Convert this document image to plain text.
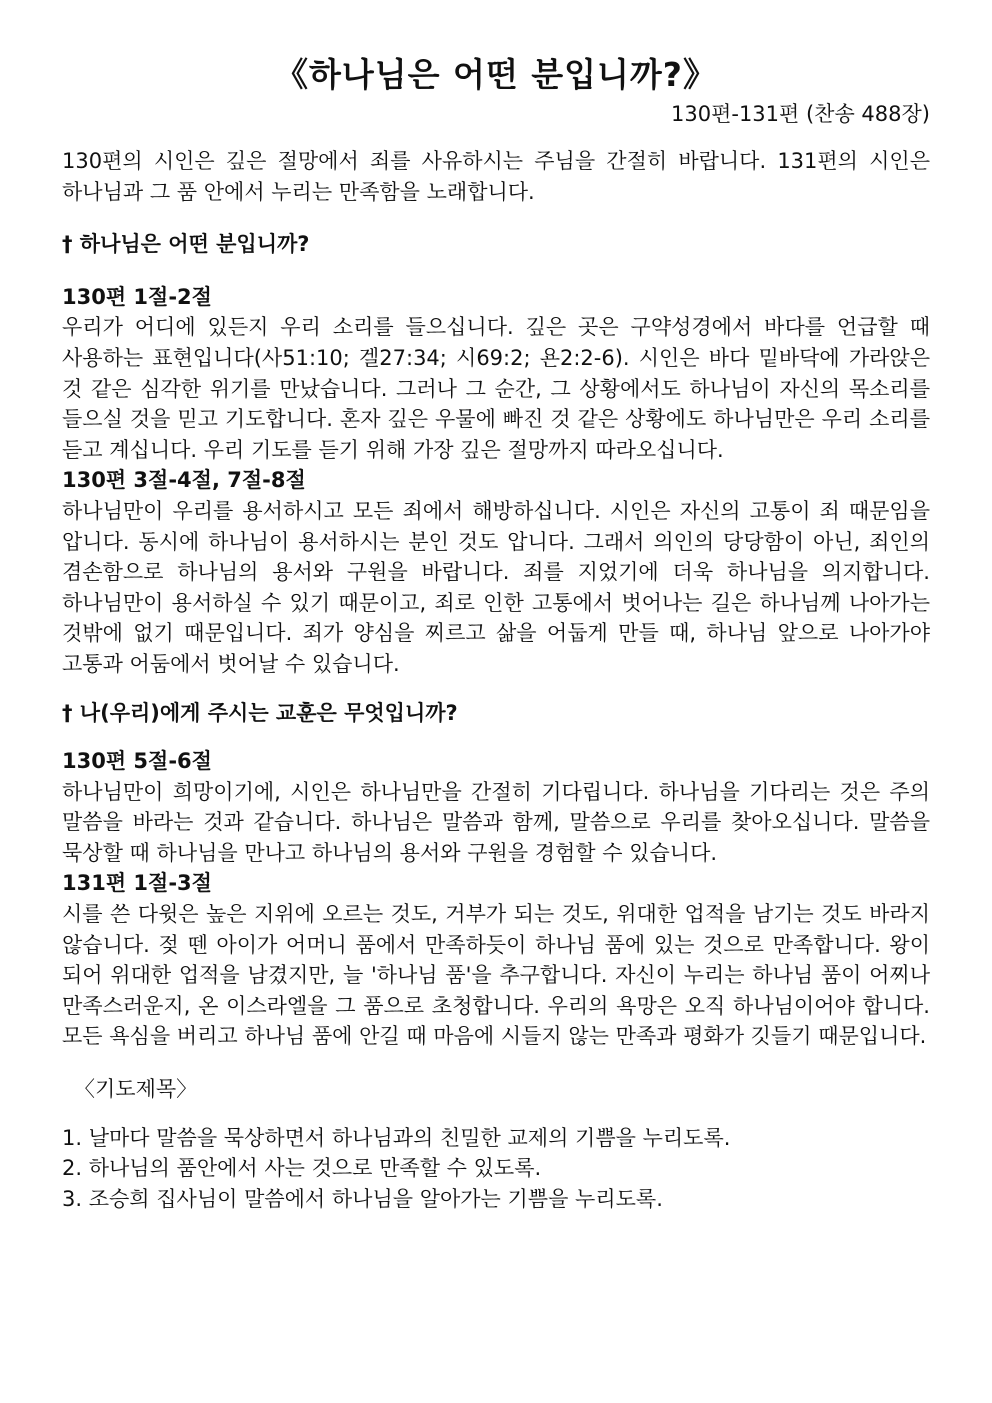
《하나님은 어떤 분입니까?》

130편-131편 (찬송 488장)

130편의 시인은 깊은 절망에서 죄를 사유하시는 주님을 간절히 바랍니다. 131편의 시인은 하나님과 그 품 안에서 누리는 만족함을 노래합니다.

† 하나님은 어떤 분입니까?

130편 1절-2절

우리가 어디에 있든지 우리 소리를 들으십니다. 깊은 곳은 구약성경에서 바다를 언급할 때 사용하는 표현입니다(사51:10; 겔27:34; 시69:2; 욘2:2-6). 시인은 바다 밑바닥에 가라앉은 것 같은 심각한 위기를 만났습니다. 그러나 그 순간, 그 상황에서도 하나님이 자신의 목소리를 들으실 것을 믿고 기도합니다. 혼자 깊은 우물에 빠진 것 같은 상황에도 하나님만은 우리 소리를 듣고 계십니다. 우리 기도를 듣기 위해 가장 깊은 절망까지 따라오십니다.

130편 3절-4절, 7절-8절

하나님만이 우리를 용서하시고 모든 죄에서 해방하십니다. 시인은 자신의 고통이 죄 때문임을 압니다. 동시에 하나님이 용서하시는 분인 것도 압니다. 그래서 의인의 당당함이 아닌, 죄인의 겸손함으로 하나님의 용서와 구원을 바랍니다. 죄를 지었기에 더욱 하나님을 의지합니다. 하나님만이 용서하실 수 있기 때문이고, 죄로 인한 고통에서 벗어나는 길은 하나님께 나아가는 것밖에 없기 때문입니다. 죄가 양심을 찌르고 삶을 어둡게 만들 때, 하나님 앞으로 나아가야 고통과 어둠에서 벗어날 수 있습니다.

† 나(우리)에게 주시는 교훈은 무엇입니까?

130편 5절-6절

하나님만이 희망이기에, 시인은 하나님만을 간절히 기다립니다. 하나님을 기다리는 것은 주의 말씀을 바라는 것과 같습니다. 하나님은 말씀과 함께, 말씀으로 우리를 찾아오십니다. 말씀을 묵상할 때 하나님을 만나고 하나님의 용서와 구원을 경험할 수 있습니다.

131편 1절-3절

시를 쓴 다윗은 높은 지위에 오르는 것도, 거부가 되는 것도, 위대한 업적을 남기는 것도 바라지 않습니다. 젖 뗀 아이가 어머니 품에서 만족하듯이 하나님 품에 있는 것으로 만족합니다. 왕이 되어 위대한 업적을 남겼지만, 늘 '하나님 품'을 추구합니다. 자신이 누리는 하나님 품이 어찌나 만족스러운지, 온 이스라엘을 그 품으로 초청합니다. 우리의 욕망은 오직 하나님이어야 합니다. 모든 욕심을 버리고 하나님 품에 안길 때 마음에 시들지 않는 만족과 평화가 깃들기 때문입니다.

〈기도제목〉

1. 날마다 말씀을 묵상하면서 하나님과의 친밀한 교제의 기쁨을 누리도록.

2. 하나님의 품안에서 사는 것으로 만족할 수 있도록.

3. 조승희 집사님이 말씀에서 하나님을 알아가는 기쁨을 누리도록.
